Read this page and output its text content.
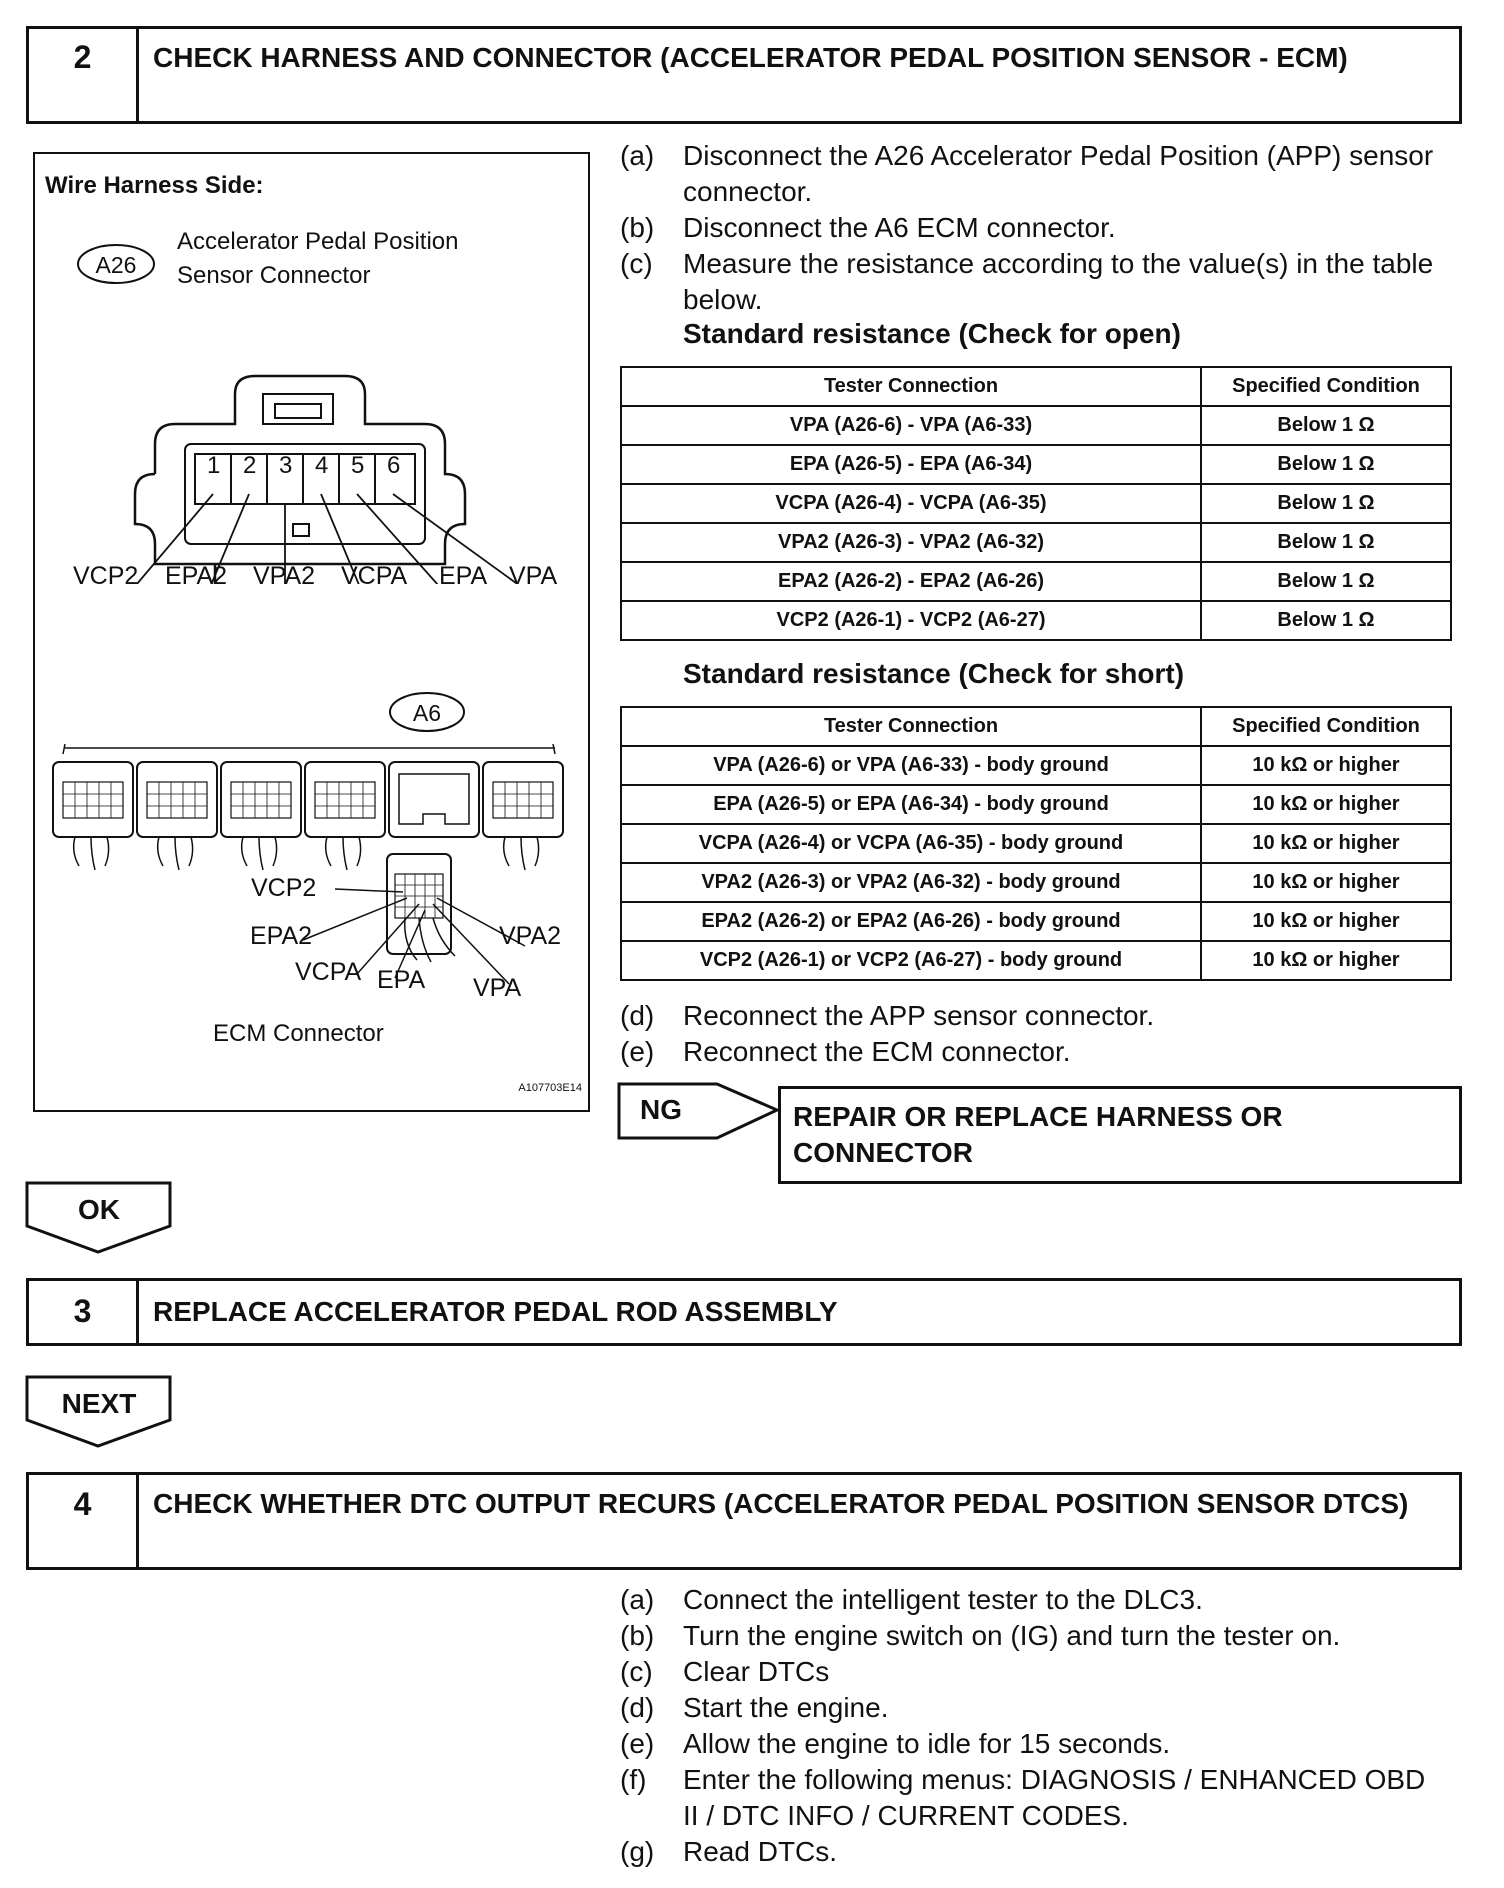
2	CHECK HARNESS AND CONNECTOR (ACCELERATOR PEDAL POSITION SENSOR - ECM)
Wire Harness Side:
A26
Accelerator Pedal Position
Sensor Connector
1 2 3 4 5 6
VCP2 EPA2 VPA2 VCPA EPA VPA
A6
VCP2
EPA2
VCPA EPA
VPA2
VPA
ECM Connector
A107703E14
(a) Disconnect the A26 Accelerator Pedal Position (APP) sensor connector.
(b) Disconnect the A6 ECM connector.
(c) Measure the resistance according to the value(s) in the table below.
Standard resistance (Check for open)
Tester Connection	Specified Condition
VPA (A26-6) - VPA (A6-33)	Below 1 Ω
EPA (A26-5) - EPA (A6-34)	Below 1 Ω
VCPA (A26-4) - VCPA (A6-35)	Below 1 Ω
VPA2 (A26-3) - VPA2 (A6-32)	Below 1 Ω
EPA2 (A26-2) - EPA2 (A6-26)	Below 1 Ω
VCP2 (A26-1) - VCP2 (A6-27)	Below 1 Ω
Standard resistance (Check for short)
Tester Connection	Specified Condition
VPA (A26-6) or VPA (A6-33) - body ground	10 kΩ or higher
EPA (A26-5) or EPA (A6-34) - body ground	10 kΩ or higher
VCPA (A26-4) or VCPA (A6-35) - body ground	10 kΩ or higher
VPA2 (A26-3) or VPA2 (A6-32) - body ground	10 kΩ or higher
EPA2 (A26-2) or EPA2 (A6-26) - body ground	10 kΩ or higher
VCP2 (A26-1) or VCP2 (A6-27) - body ground	10 kΩ or higher
(d) Reconnect the APP sensor connector.
(e) Reconnect the ECM connector.
NG	REPAIR OR REPLACE HARNESS OR CONNECTOR
OK
3	REPLACE ACCELERATOR PEDAL ROD ASSEMBLY
NEXT
4	CHECK WHETHER DTC OUTPUT RECURS (ACCELERATOR PEDAL POSITION SENSOR DTCS)
(a) Connect the intelligent tester to the DLC3.
(b) Turn the engine switch on (IG) and turn the tester on.
(c) Clear DTCs
(d) Start the engine.
(e) Allow the engine to idle for 15 seconds.
(f) Enter the following menus: DIAGNOSIS / ENHANCED OBD II / DTC INFO / CURRENT CODES.
(g) Read DTCs.
